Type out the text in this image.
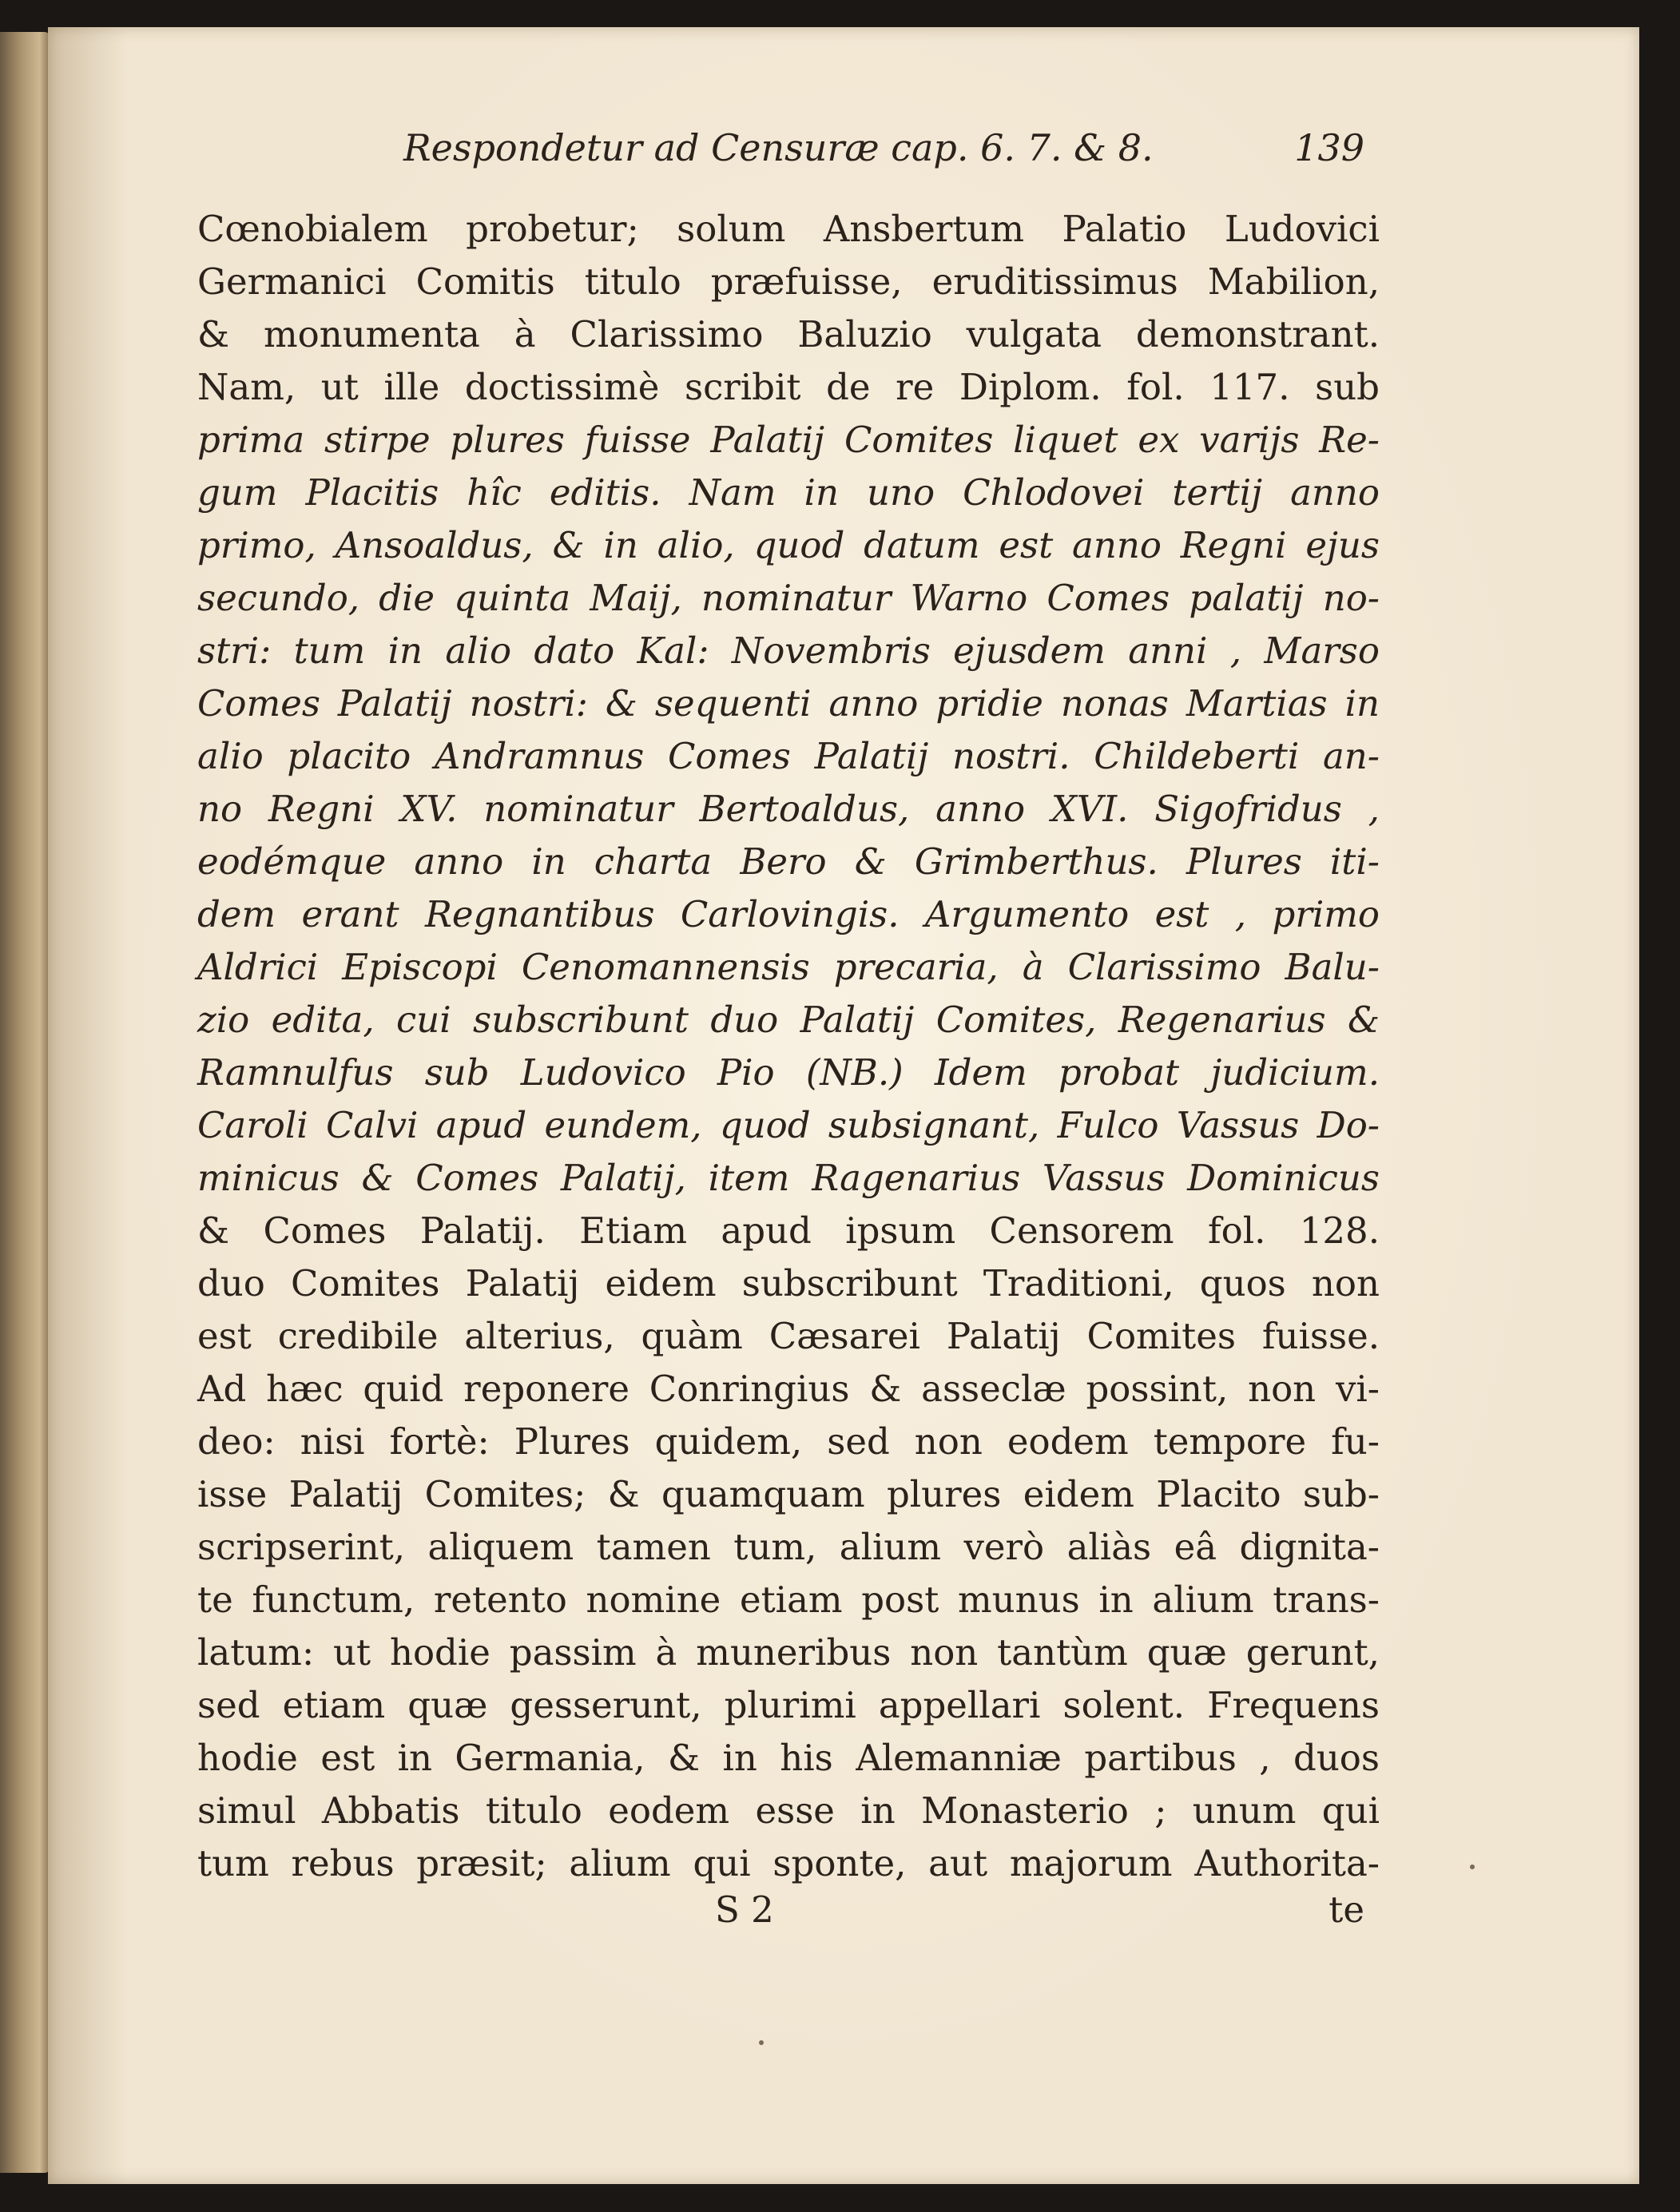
Respondetur ad Censuræ cap. 6. 7. & 8.	139
Cœnobialem probetur; solum Ansbertum Palatio Ludovici
Germanici Comitis titulo præfuisse, eruditissimus Mabilion,
& monumenta à Clarissimo Baluzio vulgata demonstrant.
Nam, ut ille doctissimè scribit de re Diplom. fol. 117. sub
prima stirpe plures fuisse Palatij Comites liquet ex varijs Re-
gum Placitis hîc editis. Nam in uno Chlodovei tertij anno
primo, Ansoaldus, & in alio, quod datum est anno Regni ejus
secundo, die quinta Maij, nominatur Warno Comes palatij no-
stri: tum in alio dato Kal: Novembris ejusdem anni , Marso
Comes Palatij nostri: & sequenti anno pridie nonas Martias in
alio placito Andramnus Comes Palatij nostri. Childeberti an-
no Regni XV. nominatur Bertoaldus, anno XVI. Sigofridus ,
eodémque anno in charta Bero & Grimberthus. Plures iti-
dem erant Regnantibus Carlovingis. Argumento est , primo
Aldrici Episcopi Cenomannensis precaria, à Clarissimo Balu-
zio edita, cui subscribunt duo Palatij Comites, Regenarius &
Ramnulfus sub Ludovico Pio (NB.) Idem probat judicium.
Caroli Calvi apud eundem, quod subsignant, Fulco Vassus Do-
minicus & Comes Palatij, item Ragenarius Vassus Dominicus
& Comes Palatij. Etiam apud ipsum Censorem fol. 128.
duo Comites Palatij eidem subscribunt Traditioni, quos non
est credibile alterius, quàm Cæsarei Palatij Comites fuisse.
Ad hæc quid reponere Conringius & asseclæ possint, non vi-
deo: nisi fortè: Plures quidem, sed non eodem tempore fu-
isse Palatij Comites; & quamquam plures eidem Placito sub-
scripserint, aliquem tamen tum, alium verò aliàs eâ dignita-
te functum, retento nomine etiam post munus in alium trans-
latum: ut hodie passim à muneribus non tantùm quæ gerunt,
sed etiam quæ gesserunt, plurimi appellari solent. Frequens
hodie est in Germania, & in his Alemanniæ partibus , duos
simul Abbatis titulo eodem esse in Monasterio ; unum qui
tum rebus præsit; alium qui sponte, aut majorum Authorita-
S 2	te
